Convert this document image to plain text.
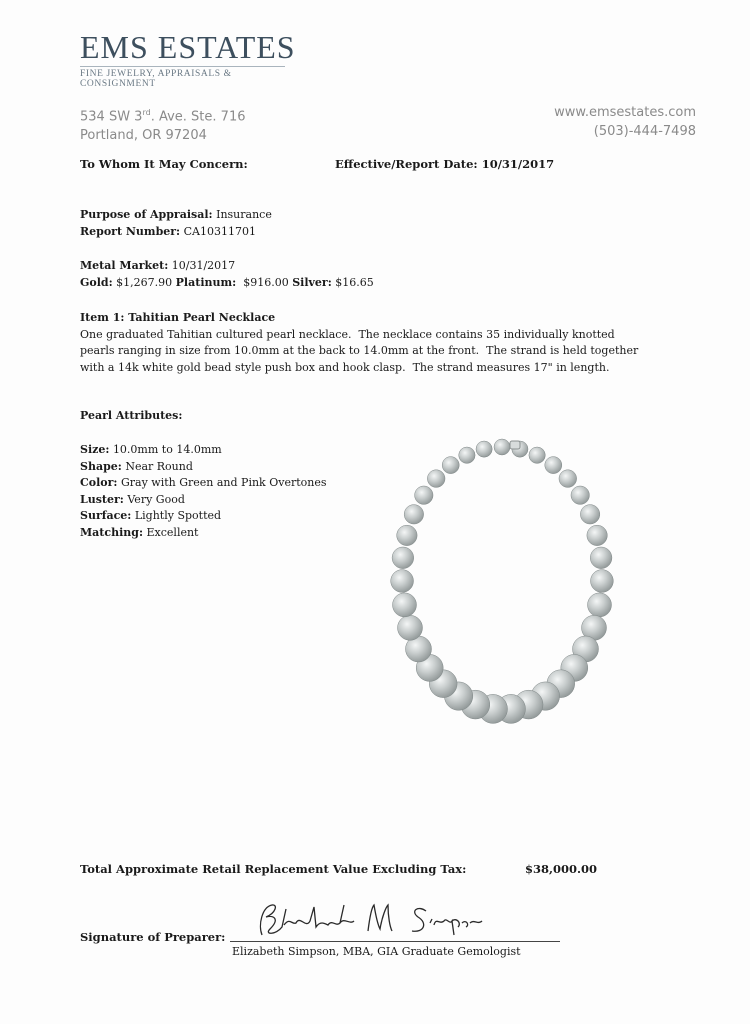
EMS ESTATES
FINE JEWELRY, APPRAISALS & CONSIGNMENT
534 SW 3rd. Ave. Ste. 716
Portland, OR 97204
www.emsestates.com
(503)-444-7498
To Whom It May Concern:	Effective/Report Date: 10/31/2017
Purpose of Appraisal: Insurance
Report Number: CA10311701
Metal Market: 10/31/2017
Gold: $1,267.90 Platinum: $916.00 Silver: $16.65
Item 1: Tahitian Pearl Necklace
One graduated Tahitian cultured pearl necklace.  The necklace contains 35 individually knotted pearls ranging in size from 10.0mm at the back to 14.0mm at the front.  The strand is held together with a 14k white gold bead style push box and hook clasp.  The strand measures 17" in length.
Pearl Attributes:
Size: 10.0mm to 14.0mm
Shape: Near Round
Color: Gray with Green and Pink Overtones
Luster: Very Good
Surface: Lightly Spotted
Matching: Excellent
Total Approximate Retail Replacement Value Excluding Tax:	$38,000.00
Signature of Preparer:
Elizabeth Simpson, MBA, GIA Graduate Gemologist
